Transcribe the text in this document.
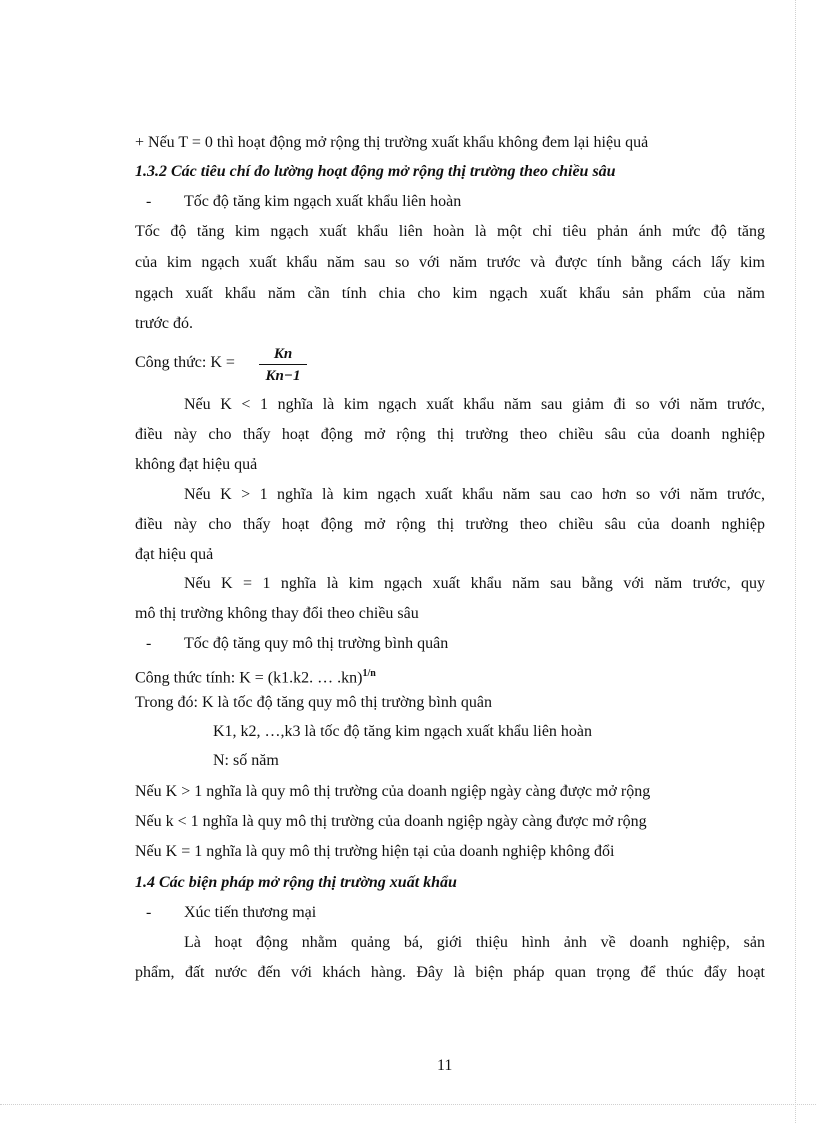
+ Nếu T = 0 thì hoạt động mở rộng thị trường xuất khẩu không đem lại hiệu quả
1.3.2 Các tiêu chí đo lường hoạt động mở rộng thị trường theo chiều sâu
- Tốc độ tăng kim ngạch xuất khẩu liên hoàn
Tốc độ tăng kim ngạch xuất khẩu liên hoàn là một chỉ tiêu phản ánh mức độ tăng
của kim ngạch xuất khẩu năm sau so với năm trước và được tính bằng cách lấy kim
ngạch xuất khẩu năm cần tính chia cho kim ngạch xuất khẩu sản phẩm của năm
trước đó.
Công thức: K =	Kn
Kn−1
Nếu K < 1 nghĩa là kim ngạch xuất khẩu năm sau giảm đi so với năm trước,
điều này cho thấy hoạt động mở rộng thị trường theo chiều sâu của doanh nghiệp
không đạt hiệu quả
Nếu K > 1 nghĩa là kim ngạch xuất khẩu năm sau cao hơn so với năm trước,
điều này cho thấy hoạt động mở rộng thị trường theo chiều sâu của doanh nghiệp
đạt hiệu quả
Nếu K = 1 nghĩa là kim ngạch xuất khẩu năm sau bằng với năm trước, quy
mô thị trường không thay đổi theo chiều sâu
- Tốc độ tăng quy mô thị trường bình quân
Công thức tính: K = (k1.k2. … .kn)$^{1/n}$
Trong đó: K là tốc độ tăng quy mô thị trường bình quân
K1, k2, …,k3 là tốc độ tăng kim ngạch xuất khẩu liên hoàn
N: số năm
Nếu K > 1 nghĩa là quy mô thị trường của doanh ngiệp ngày càng được mở rộng
Nếu k < 1 nghĩa là quy mô thị trường của doanh ngiệp ngày càng được mở rộng
Nếu K = 1 nghĩa là quy mô thị trường hiện tại của doanh nghiệp không đổi
1.4 Các biện pháp mở rộng thị trường xuất khẩu
- Xúc tiến thương mại
Là hoạt động nhằm quảng bá, giới thiệu hình ảnh về doanh nghiệp, sản
phẩm, đất nước đến với khách hàng. Đây là biện pháp quan trọng để thúc đẩy hoạt
11
